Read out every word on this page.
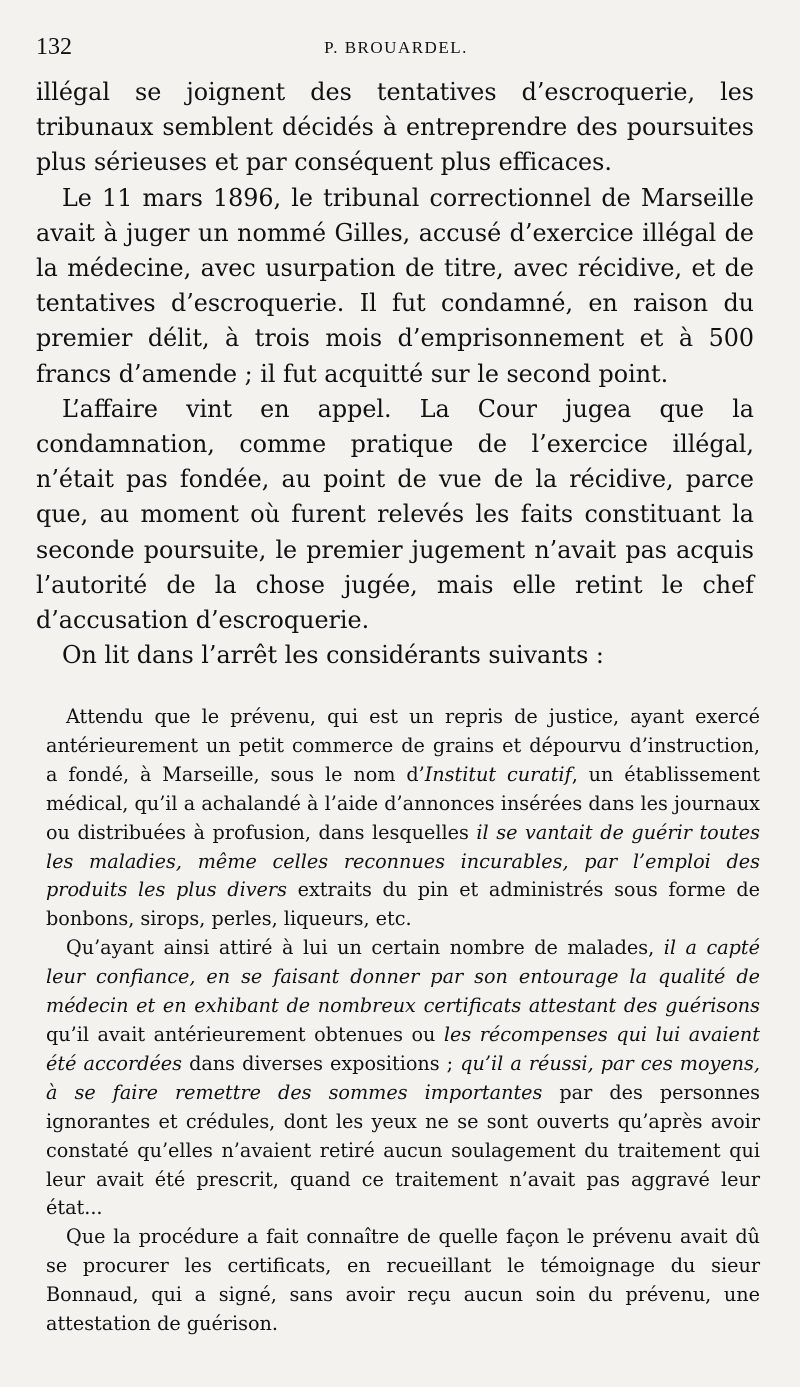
132	P. BROUARDEL.

illégal se joignent des tentatives d’escroquerie, les tribunaux semblent décidés à entreprendre des poursuites plus sérieuses et par conséquent plus efficaces.

Le 11 mars 1896, le tribunal correctionnel de Marseille avait à juger un nommé Gilles, accusé d’exercice illégal de la médecine, avec usurpation de titre, avec récidive, et de tentatives d’escroquerie. Il fut condamné, en raison du premier délit, à trois mois d’emprisonnement et à 500 francs d’amende ; il fut acquitté sur le second point.

L’affaire vint en appel. La Cour jugea que la condamnation, comme pratique de l’exercice illégal, n’était pas fondée, au point de vue de la récidive, parce que, au moment où furent relevés les faits constituant la seconde poursuite, le premier jugement n’avait pas acquis l’autorité de la chose jugée, mais elle retint le chef d’accusation d’escroquerie.

On lit dans l’arrêt les considérants suivants :

Attendu que le prévenu, qui est un repris de justice, ayant exercé antérieurement un petit commerce de grains et dépourvu d’instruction, a fondé, à Marseille, sous le nom d’Institut curatif, un établissement médical, qu’il a achalandé à l’aide d’annonces insérées dans les journaux ou distribuées à profusion, dans lesquelles il se vantait de guérir toutes les maladies, même celles reconnues incurables, par l’emploi des produits les plus divers extraits du pin et administrés sous forme de bonbons, sirops, perles, liqueurs, etc.

Qu’ayant ainsi attiré à lui un certain nombre de malades, il a capté leur confiance, en se faisant donner par son entourage la qualité de médecin et en exhibant de nombreux certificats attestant des guérisons qu’il avait antérieurement obtenues ou les récompenses qui lui avaient été accordées dans diverses expositions ; qu’il a réussi, par ces moyens, à se faire remettre des sommes importantes par des personnes ignorantes et crédules, dont les yeux ne se sont ouverts qu’après avoir constaté qu’elles n’avaient retiré aucun soulagement du traitement qui leur avait été prescrit, quand ce traitement n’avait pas aggravé leur état...

Que la procédure a fait connaître de quelle façon le prévenu avait dû se procurer les certificats, en recueillant le témoignage du sieur Bonnaud, qui a signé, sans avoir reçu aucun soin du prévenu, une attestation de guérison.
